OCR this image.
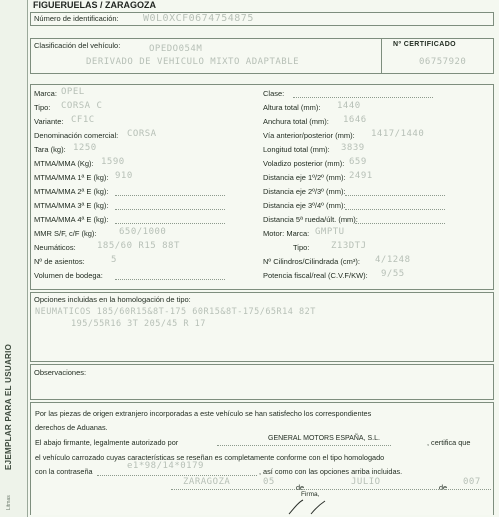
EJEMPLAR PARA EL USUARIO
Litmas
FIGUERUELAS / ZARAGOZA
Número de identificación: W0L0XCF0674754875
Clasificación del vehículo:	OPEDO054M
DERIVADO DE VEHICULO MIXTO ADAPTABLE
Nº CERTIFICADO
06757920
Marca: OPEL
Tipo: CORSA C
Variante: CF1C
Denominación comercial: CORSA
Tara (kg): 1250
MTMA/MMA (Kg): 1590
MTMA/MMA 1ª E (kg): 910
MTMA/MMA 2ª E (kg):
MTMA/MMA 3ª E (kg):
MTMA/MMA 4ª E (kg):
MMR S/F, c/F (kg):	650/1000
Neumáticos: 185/60 R15 88T
Nº de asientos:	5
Volumen de bodega:
Clase:
Altura total (mm): 1440
Anchura total (mm): 1646
Vía anterior/posterior (mm): 1417/1440
Longitud total (mm): 3839
Voladizo posterior (mm): 659
Distancia eje 1º/2º (mm): 2491
Distancia eje 2º/3º (mm):
Distancia eje 3º/4º (mm):
Distancia 5ª rueda/últ. (mm):
Motor: Marca: GMPTU
Tipo: Z13DTJ
Nº Cilindros/Cilindrada (cm³): 4/1248
Potencia fiscal/real (C.V.F/KW): 9/55
Opciones incluidas en la homologación de tipo:
NEUMATICOS 185/60R15&8T-175 60R15&8T-175/65R14 82T
195/55R16 3T 205/45 R 17
Observaciones:
Por las piezas de origen extranjero incorporadas a este vehículo se han satisfecho los correspondientes
derechos de Aduanas.
El abajo firmante, legalmente autorizado por	GENERAL MOTORS ESPAÑA, S.L.	, certifica que
el vehículo carrozado cuyas características se reseñan es completamente conforme con el tipo homologado
con la contraseña
e1*98/14*0179
, así como con las opciones arriba incluidas.
ZARAGOZA	05
de
JULIO
de
007
Firma,
